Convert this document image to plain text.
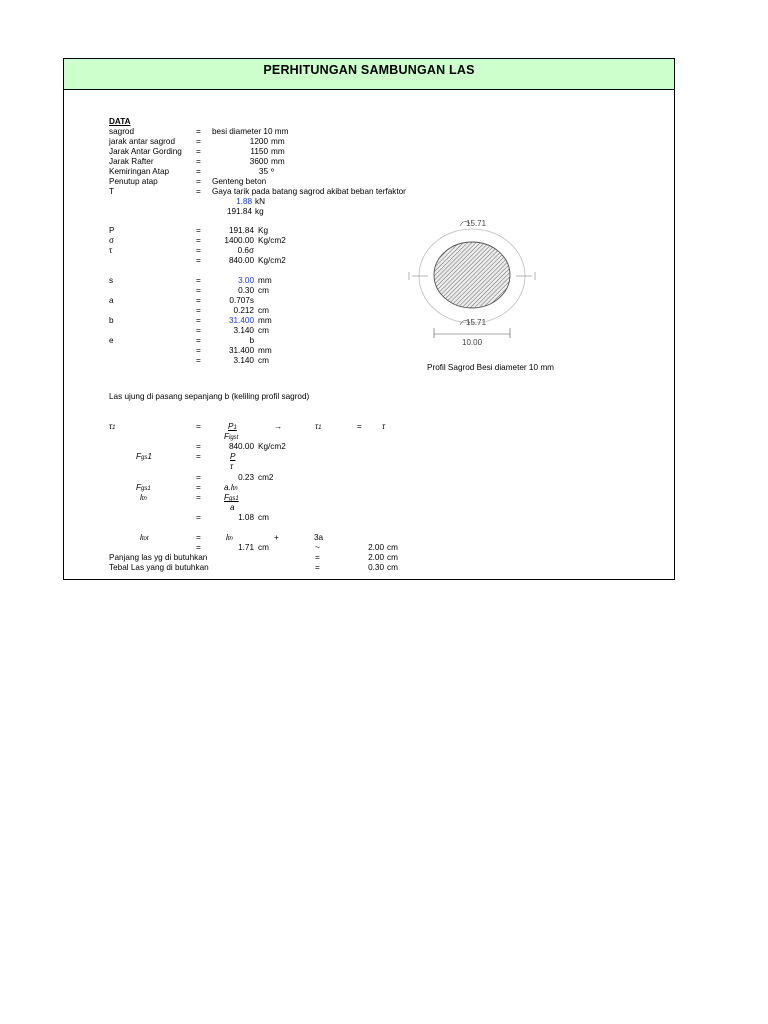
PERHITUNGAN SAMBUNGAN LAS
DATA
sagrod	= besi diameter 10 mm
jarak antar sagrod	=	1200 mm
Jarak Antar Gording =	1150 mm
Jarak Rafter	=	3600 mm
Kemiringan Atap	=	35 º
Penutup atap	= Genteng beton
T	= Gaya tarik pada batang sagrod akibat beban terfaktor
1.88 kN
191.84 kg
P	=	191.84 Kg
σ	=	1400.00 Kg/cm2
τ	=	0.6σ
=	840.00 Kg/cm2
s	=	3.00 mm
=	0.30 cm
a	=	0.707s
=	0.212 cm
b	=	31.400 mm
=	3.140 cm
e	=	b
=	31.400 mm
=	3.140 cm
Las ujung di pasang sepanjang b (keliling profil sagrod)
τ1	=	P1	→	τ1	= τ
Flgst
=	840.00 Kg/cm2
Fgs1	=	P
τ
=	0.23 cm2
Fgs1	=	a.ltn
ltn	=	Fgs1
a
=	1.08 cm
ltot	=	ltn	+	3a
=	1.71 cm	~	2.00 cm
Panjang las yg di butuhkan	=	2.00 cm
Tebal Las yang di butuhkan	=	0.30 cm
15.71
15.71
10.00
Profil Sagrod Besi diameter 10 mm
